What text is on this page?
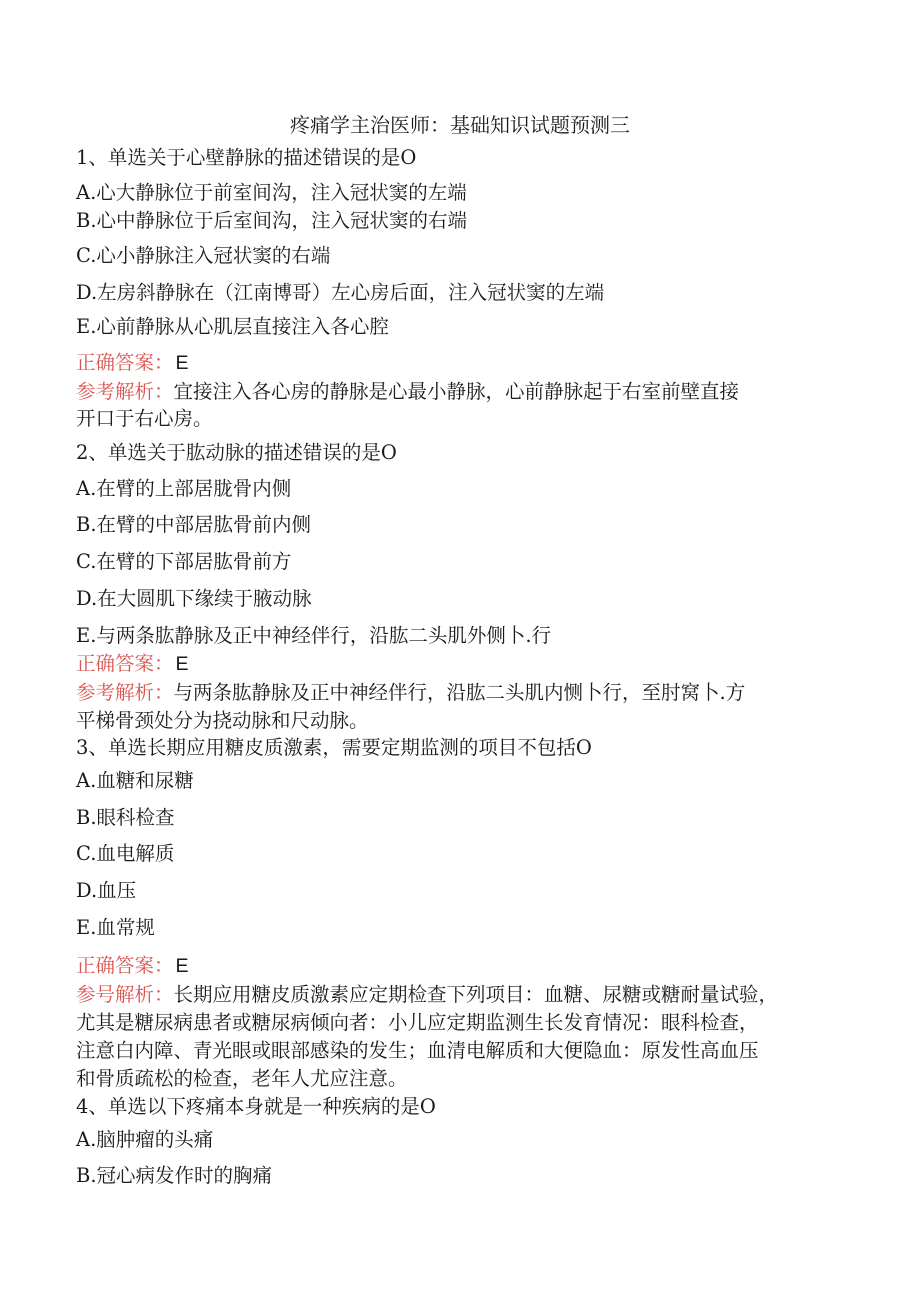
疼痛学主治医师：基础知识试题预测三
1、单选关于心壁静脉的描述错误的是O
A.心大静脉位于前室间沟，注入冠状窦的左端
B.心中静脉位于后室间沟，注入冠状窦的右端
C.心小静脉注入冠状窦的右端
D.左房斜静脉在（江南博哥）左心房后面，注入冠状窦的左端
E.心前静脉从心肌层直接注入各心腔
正确答案： E
参考解析：宜接注入各心房的静脉是心最小静脉，心前静脉起于右室前壁直接
开口于右心房。
2、单选关于肱动脉的描述错误的是O
A.在臂的上部居胧骨内侧
B.在臂的中部居肱骨前内侧
C.在臂的下部居肱骨前方
D.在大圆肌下缘续于腋动脉
E.与两条肱静脉及正中神经伴行，沿肱二头肌外侧卜.行
正确答案： E
参考解析：与两条肱静脉及正中神经伴行，沿肱二头肌内恻卜行，至肘窝卜.方
平梯骨颈处分为挠动脉和尺动脉。
3、单选长期应用糖皮质激素，需要定期监测的项目不包括O
A.血糖和尿糖
B.眼科检查
C.血电解质
D.血压
E.血常规
正确答案： E
参号解析：长期应用糖皮质激素应定期检查下列项目：血糖、尿糖或糖耐量试验，
尤其是糖尿病患者或糖尿病倾向者：小儿应定期监测生长发育情况：眼科检查，
注意白内障、青光眼或眼部感染的发生；血清电解质和大便隐血：原发性高血压
和骨质疏松的检查，老年人尤应注意。
4、单选以下疼痛本身就是一种疾病的是O
A.脑肿瘤的头痛
B.冠心病发作时的胸痛
